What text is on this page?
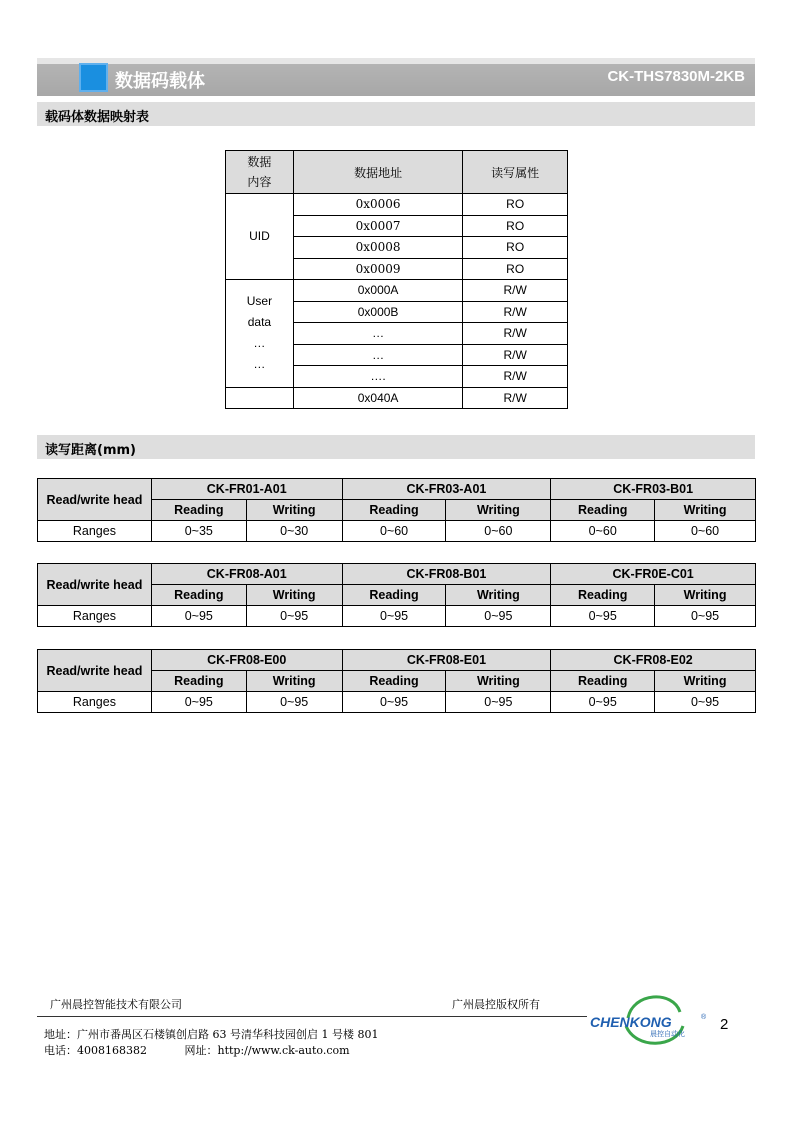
数据码载体	CK-THS7830M-2KB
载码体数据映射表
数据
内容	数据地址	读写属性
UID	0x0006	RO
	0x0007	RO
	0x0008	RO
	0x0009	RO
User
data
…
…	0x000A	R/W
	0x000B	R/W
	…	R/W
	…	R/W
	….	R/W
	0x040A	R/W
读写距离(mm)
Read/write head	CK-FR01-A01		CK-FR03-A01		CK-FR03-B01	
	Reading	Writing	Reading	Writing	Reading	Writing
Ranges	0~35	0~30	0~60	0~60	0~60	0~60
Read/write head	CK-FR08-A01		CK-FR08-B01		CK-FR0E-C01	
	Reading	Writing	Reading	Writing	Reading	Writing
Ranges	0~95	0~95	0~95	0~95	0~95	0~95
Read/write head	CK-FR08-E00		CK-FR08-E01		CK-FR08-E02	
	Reading	Writing	Reading	Writing	Reading	Writing
Ranges	0~95	0~95	0~95	0~95	0~95	0~95
广州晨控智能技术有限公司	广州晨控版权所有
地址：广州市番禺区石楼镇创启路 63 号清华科技园创启 1 号楼 801
电话：4008168382	网址：http://www.ck-auto.com
CHENKONG	®
晨控自动化
2
